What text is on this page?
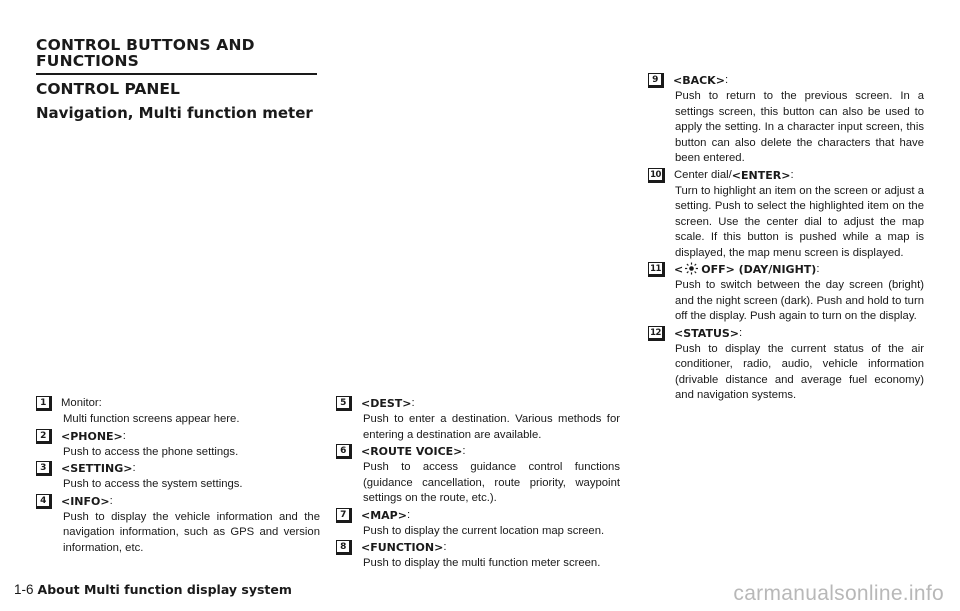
CONTROL BUTTONS AND FUNCTIONS
CONTROL PANEL
Navigation, Multi function meter
1	Monitor:
Multi function screens appear here.
2	<PHONE> :
Push to access the phone settings.
3	<SETTING> :
Push to access the system settings.
4	<INFO> :
Push to display the vehicle information and the navigation information, such as GPS and version information, etc.
5	<DEST> :
Push to enter a destination. Various methods for entering a destination are available.
6	<ROUTE VOICE> :
Push to access guidance control functions (guidance cancellation, route priority, waypoint settings on the route, etc.).
7	<MAP> :
Push to display the current location map screen.
8	<FUNCTION> :
Push to display the multi function meter screen.
9	<BACK> :
Push to return to the previous screen. In a settings screen, this button can also be used to apply the setting. In a character input screen, this button can also delete the characters that have been entered.
10	Center dial/ <ENTER> :
Turn to highlight an item on the screen or adjust a setting. Push to select the highlighted item on the screen. Use the center dial to adjust the map scale. If this button is pushed while a map is displayed, the map menu screen is displayed.
11	< OFF> (DAY/NIGHT) :
Push to switch between the day screen (bright) and the night screen (dark). Push and hold to turn off the display. Push again to turn on the display.
12	<STATUS> :
Push to display the current status of the air conditioner, radio, audio, vehicle information (drivable distance and average fuel economy) and navigation systems.
1-6 About Multi function display system	carmanualsonline.info
